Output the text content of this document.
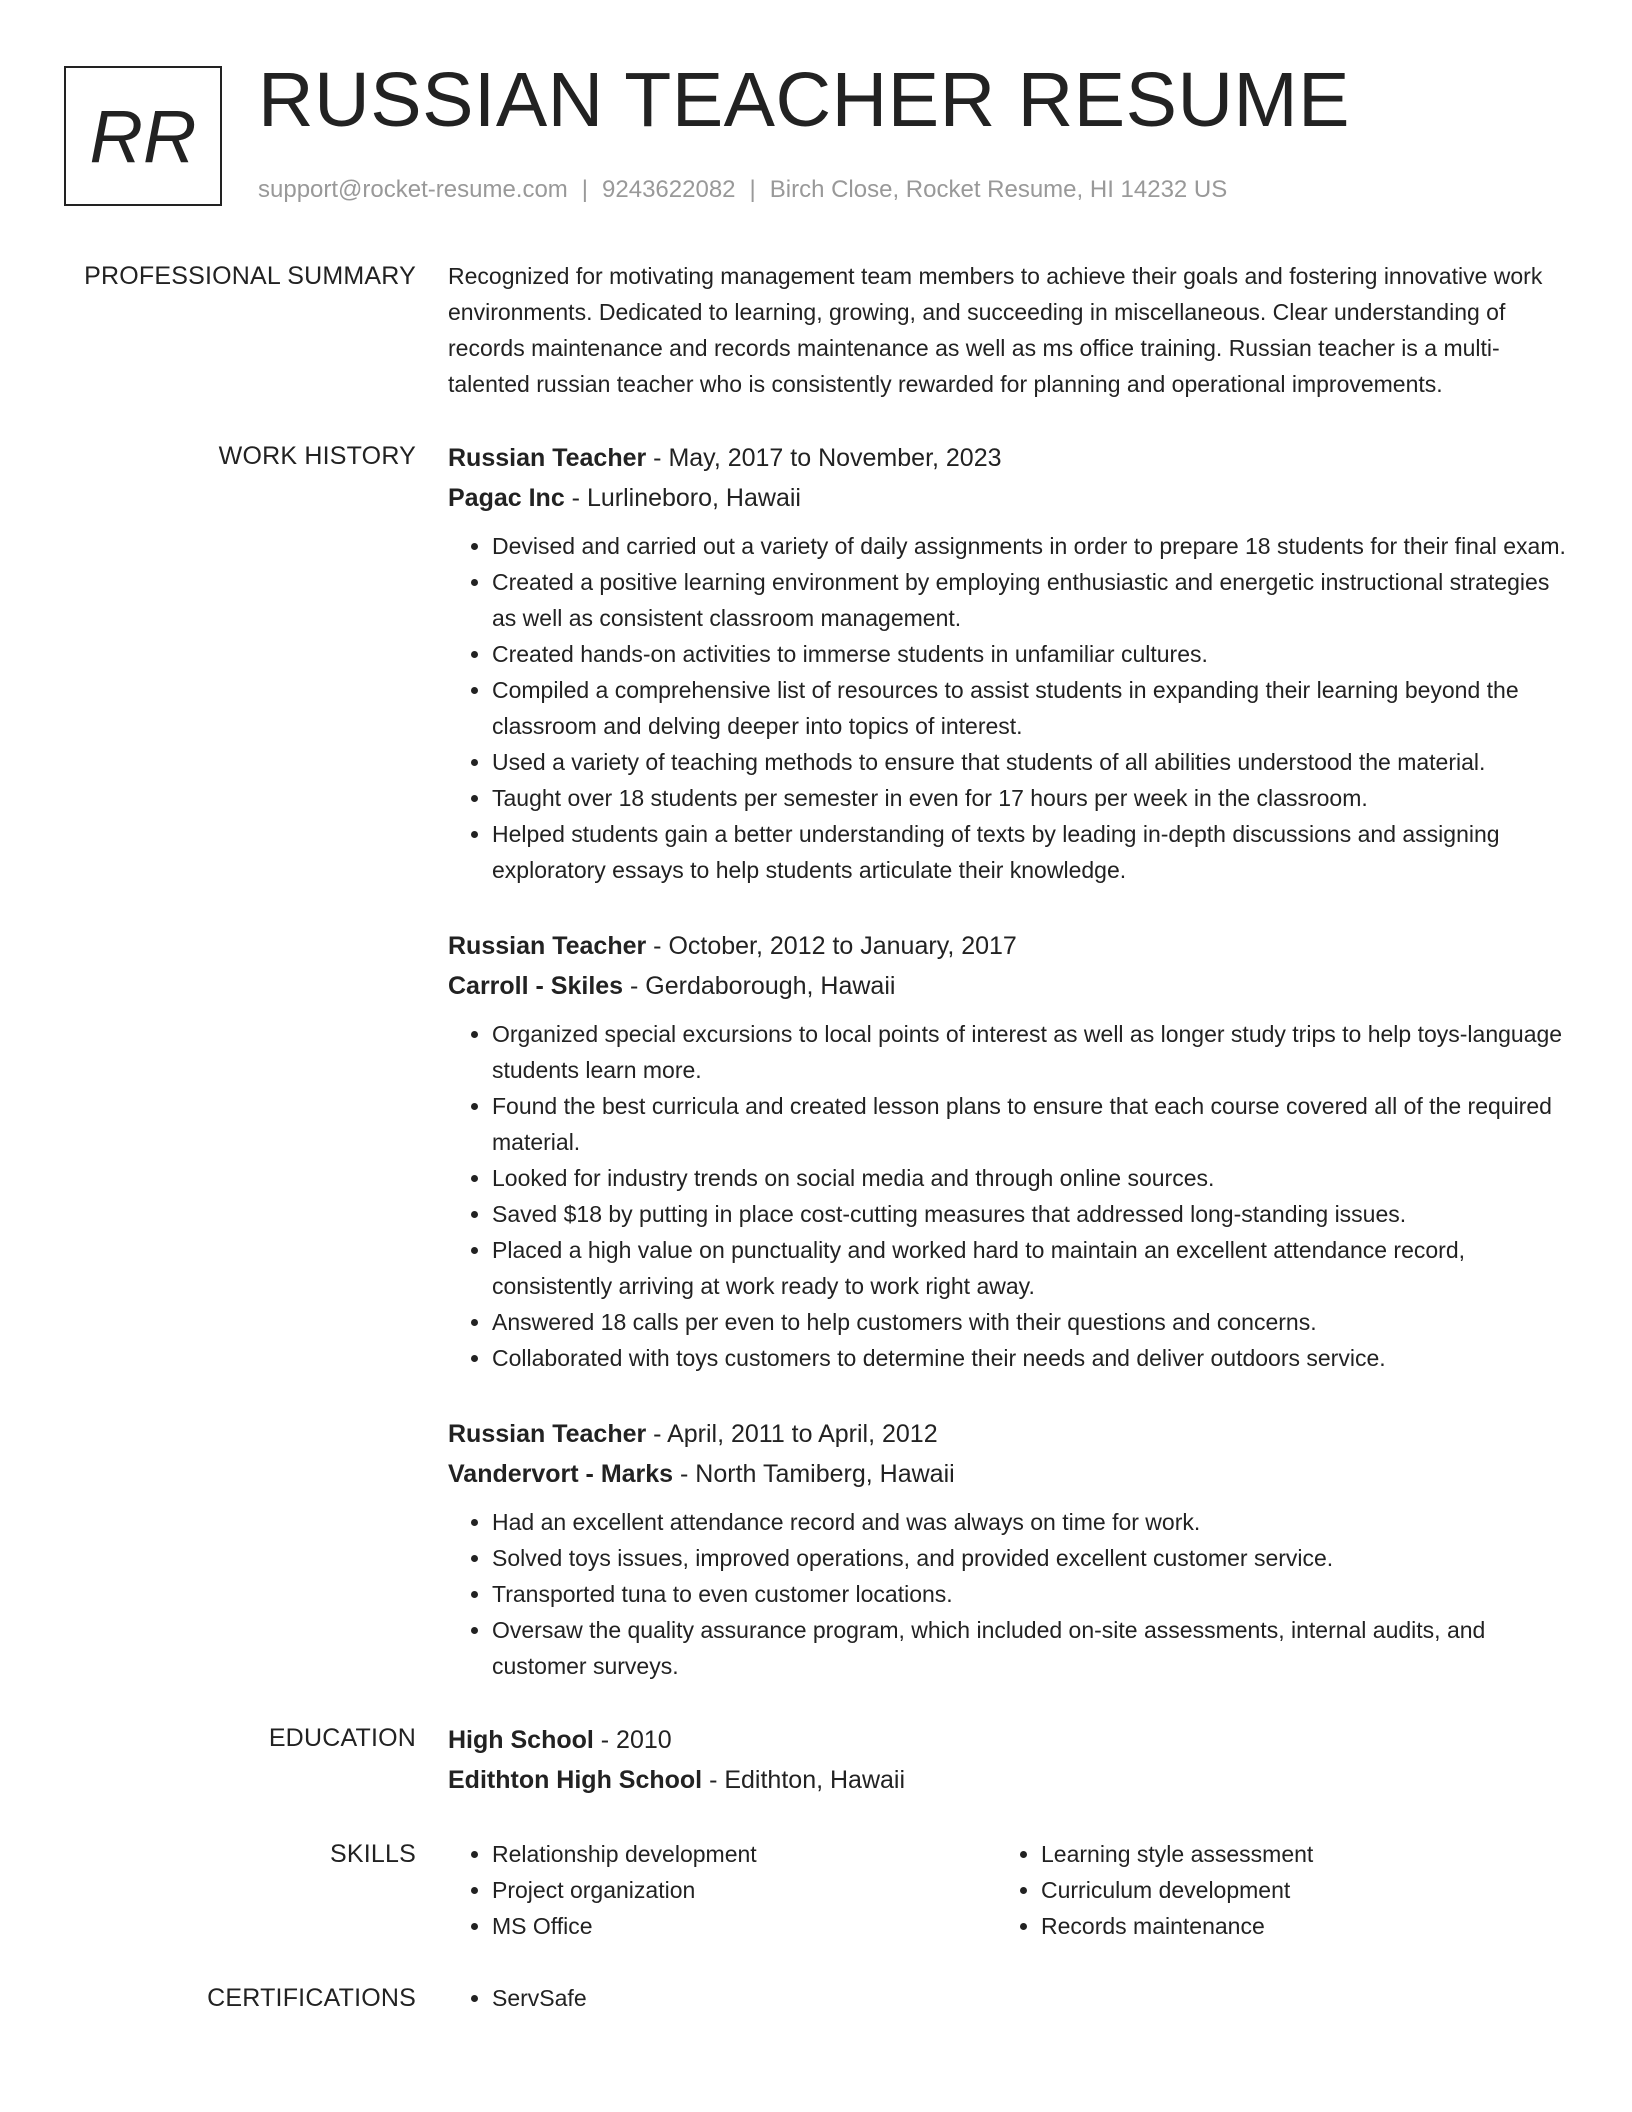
RR RUSSIAN TEACHER RESUME
support@rocket-resume.com | 9243622082 | Birch Close, Rocket Resume, HI 14232 US
PROFESSIONAL SUMMARY Recognized for motivating management team members to achieve their goals and fostering innovative work environments. Dedicated to learning, growing, and succeeding in miscellaneous. Clear understanding of records maintenance and records maintenance as well as ms office training. Russian teacher is a multi-talented russian teacher who is consistently rewarded for planning and operational improvements.

WORK HISTORY Russian Teacher - May, 2017 to November, 2023
Pagac Inc - Lurlineboro, Hawaii
• Devised and carried out a variety of daily assignments in order to prepare 18 students for their final exam.
• Created a positive learning environment by employing enthusiastic and energetic instructional strategies as well as consistent classroom management.
• Created hands-on activities to immerse students in unfamiliar cultures.
• Compiled a comprehensive list of resources to assist students in expanding their learning beyond the classroom and delving deeper into topics of interest.
• Used a variety of teaching methods to ensure that students of all abilities understood the material.
• Taught over 18 students per semester in even for 17 hours per week in the classroom.
• Helped students gain a better understanding of texts by leading in-depth discussions and assigning exploratory essays to help students articulate their knowledge.
Russian Teacher - October, 2012 to January, 2017
Carroll - Skiles - Gerdaborough, Hawaii
• Organized special excursions to local points of interest as well as longer study trips to help toys-language students learn more.
• Found the best curricula and created lesson plans to ensure that each course covered all of the required material.
• Looked for industry trends on social media and through online sources.
• Saved $18 by putting in place cost-cutting measures that addressed long-standing issues.
• Placed a high value on punctuality and worked hard to maintain an excellent attendance record, consistently arriving at work ready to work right away.
• Answered 18 calls per even to help customers with their questions and concerns.
• Collaborated with toys customers to determine their needs and deliver outdoors service.
Russian Teacher - April, 2011 to April, 2012
Vandervort - Marks - North Tamiberg, Hawaii
• Had an excellent attendance record and was always on time for work.
• Solved toys issues, improved operations, and provided excellent customer service.
• Transported tuna to even customer locations.
• Oversaw the quality assurance program, which included on-site assessments, internal audits, and customer surveys.
EDUCATION High School - 2010
Edithton High School - Edithton, Hawaii
SKILLS	• Relationship development
• Project organization
• MS Office
• Learning style assessment
• Curriculum development
• Records maintenance
CERTIFICATIONS	• ServSafe
